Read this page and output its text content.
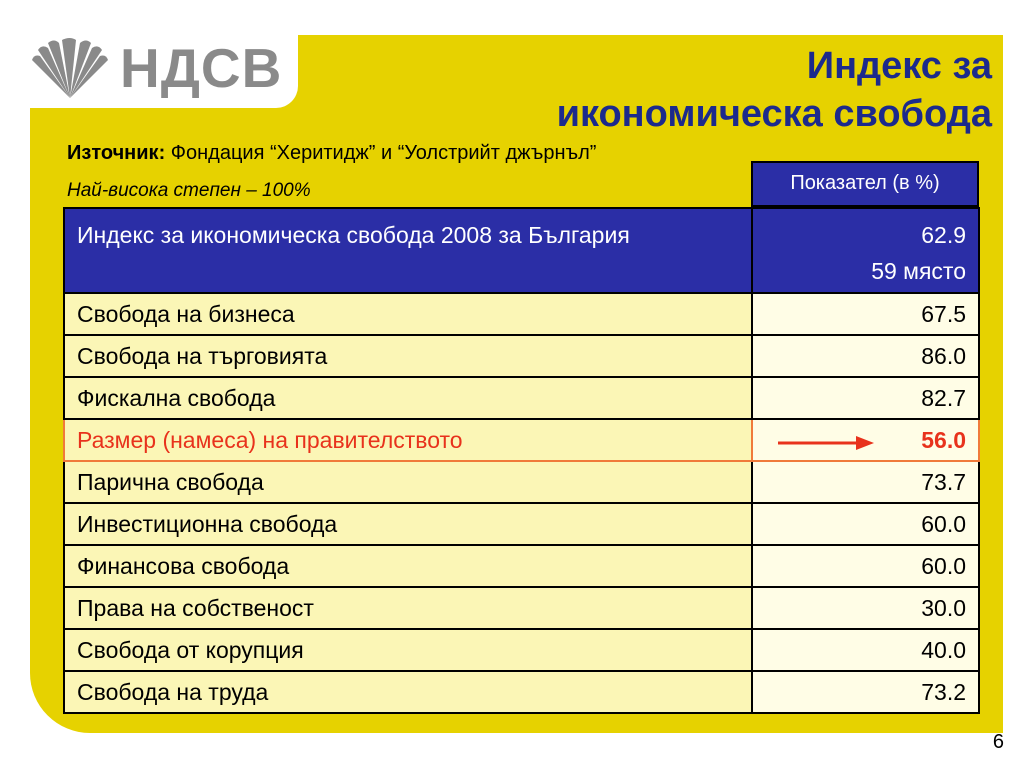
НДСВ	Индекс за
икономическа свобода
Източник: Фондация “Херитидж” и “Уолстрийт джърнъл”
Най-висока степен – 100%	Показател (в %)
Индекс за икономическа свобода 2008 за България	62.9
59 място

Свобода на бизнеса	67.5
Свобода на търговията	86.0
Фискална свобода	82.7
Размер (намеса) на правителството	56.0
Парична свобода	73.7
Инвестиционна свобода	60.0
Финансова свобода	60.0
Права на собственост	30.0
Свобода от корупция	40.0
Свобода на труда	73.2
6
